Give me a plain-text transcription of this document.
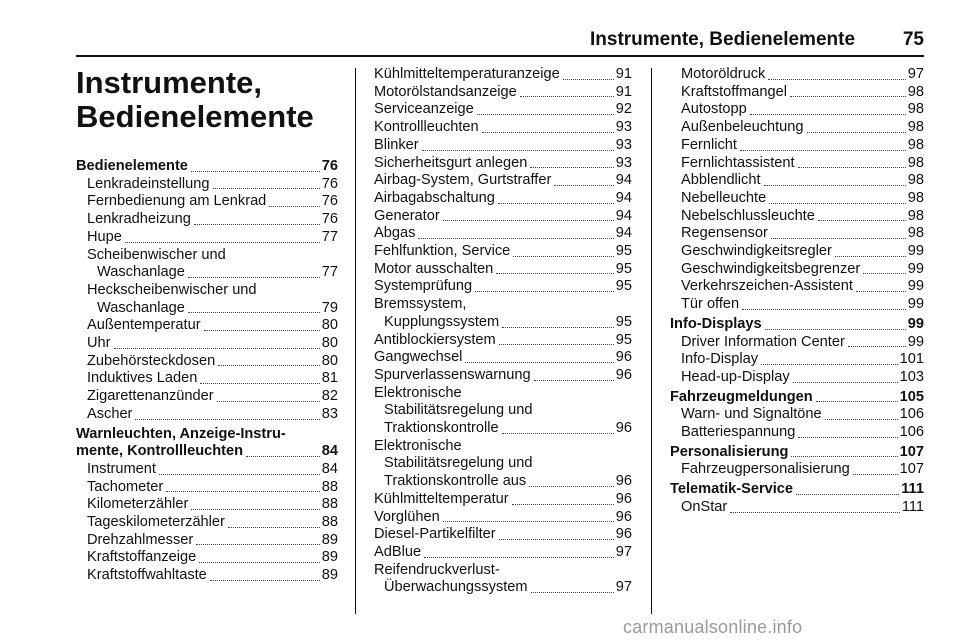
Instrumente, Bedienelemente	75
Instrumente,
Bedienelemente
Bedienelemente	76
Lenkradeinstellung	76
Fernbedienung am Lenkrad	76
Lenkradheizung	76
Hupe	77
Scheibenwischer und
Waschanlage	77
Heckscheibenwischer und
Waschanlage	79
Außentemperatur	80
Uhr	80
Zubehörsteckdosen	80
Induktives Laden	81
Zigarettenanzünder	82
Ascher	83
Warnleuchten, Anzeige-Instru-
mente, Kontrollleuchten	84
Instrument	84
Tachometer	88
Kilometerzähler	88
Tageskilometerzähler	88
Drehzahlmesser	89
Kraftstoffanzeige	89
Kraftstoffwahltaste	89
Kühlmitteltemperaturanzeige	91
Motorölstandsanzeige	91
Serviceanzeige	92
Kontrollleuchten	93
Blinker	93
Sicherheitsgurt anlegen	93
Airbag-System, Gurtstraffer	94
Airbagabschaltung	94
Generator	94
Abgas	94
Fehlfunktion, Service	95
Motor ausschalten	95
Systemprüfung	95
Bremssystem,
Kupplungssystem	95
Antiblockiersystem	95
Gangwechsel	96
Spurverlassenswarnung	96
Elektronische
Stabilitätsregelung und
Traktionskontrolle	96
Elektronische
Stabilitätsregelung und
Traktionskontrolle aus	96
Kühlmitteltemperatur	96
Vorglühen	96
Diesel-Partikelfilter	96
AdBlue	97
Reifendruckverlust-
Überwachungssystem	97
Motoröldruck	97
Kraftstoffmangel	98
Autostopp	98
Außenbeleuchtung	98
Fernlicht	98
Fernlichtassistent	98
Abblendlicht	98
Nebelleuchte	98
Nebelschlussleuchte	98
Regensensor	98
Geschwindigkeitsregler	99
Geschwindigkeitsbegrenzer	99
Verkehrszeichen-Assistent	99
Tür offen	99
Info-Displays	99
Driver Information Center	99
Info-Display	101
Head-up-Display	103
Fahrzeugmeldungen	105
Warn- und Signaltöne	106
Batteriespannung	106
Personalisierung	107
Fahrzeugpersonalisierung	107
Telematik-Service	111
OnStar	111
carmanualsonline.info
